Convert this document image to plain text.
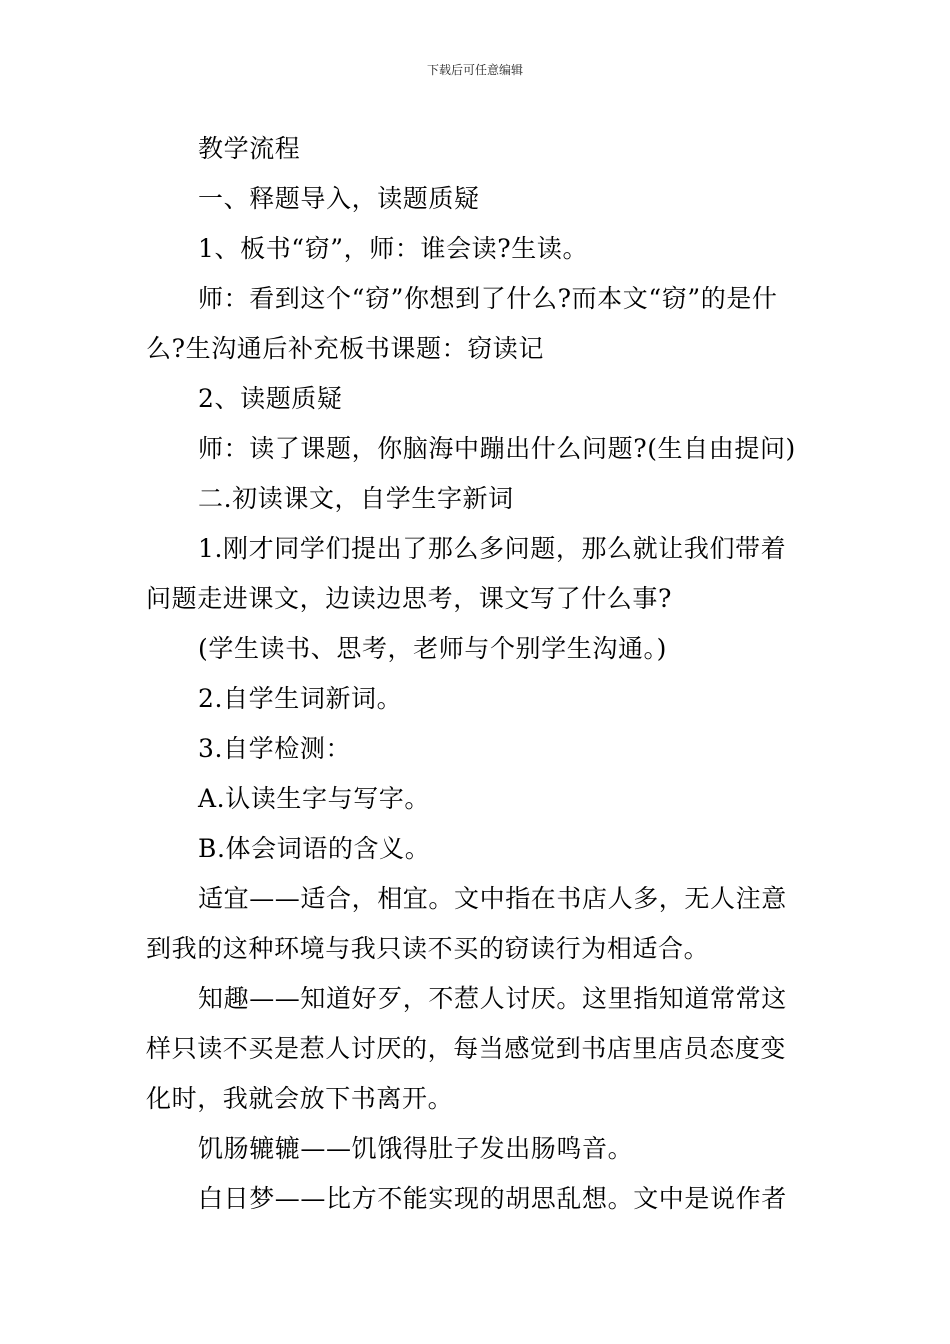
下载后可任意编辑

教学流程

一、释题导入，读题质疑

1、板书“窃”，师：谁会读?生读。

师：看到这个“窃”你想到了什么?而本文“窃”的是什么?生沟通后补充板书课题：窃读记

2、读题质疑

师：读了课题，你脑海中蹦出什么问题?(生自由提问)

二.初读课文，自学生字新词

1.刚才同学们提出了那么多问题，那么就让我们带着问题走进课文，边读边思考，课文写了什么事?

(学生读书、思考，老师与个别学生沟通。)

2.自学生词新词。

3.自学检测：

A.认读生字与写字。

B.体会词语的含义。

适宜——适合，相宜。文中指在书店人多，无人注意到我的这种环境与我只读不买的窃读行为相适合。

知趣——知道好歹，不惹人讨厌。这里指知道常常这样只读不买是惹人讨厌的，每当感觉到书店里店员态度变化时，我就会放下书离开。

饥肠辘辘——饥饿得肚子发出肠鸣音。

白日梦——比方不能实现的胡思乱想。文中是说作者
